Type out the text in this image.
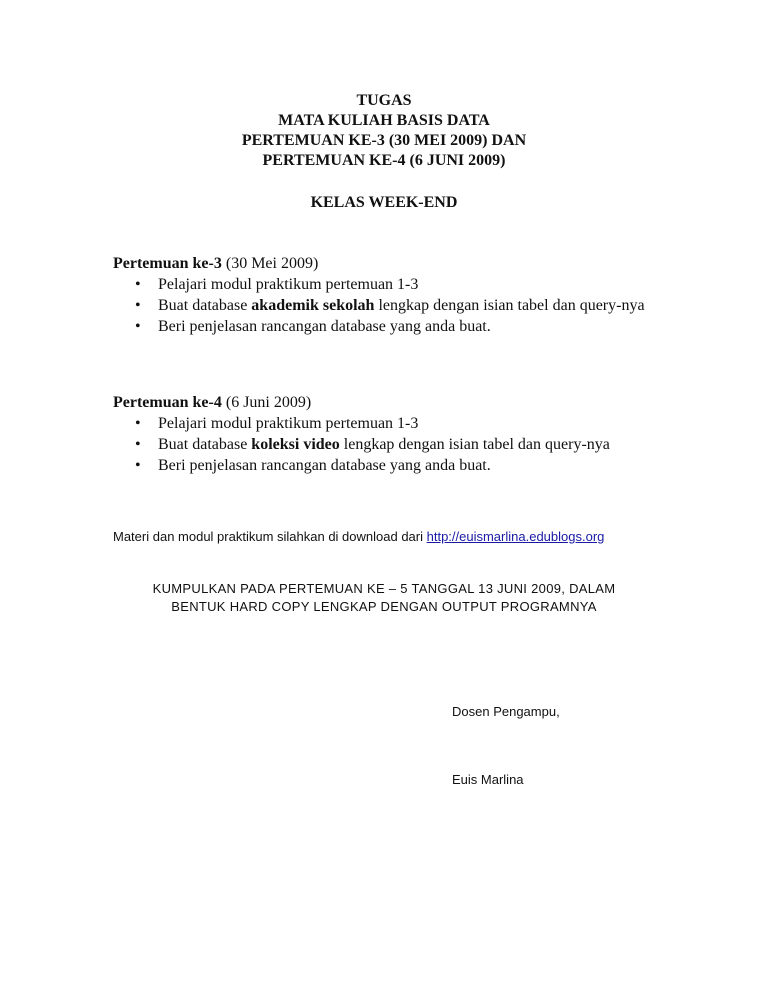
TUGAS
MATA KULIAH BASIS DATA
PERTEMUAN KE-3 (30 MEI 2009) DAN
PERTEMUAN KE-4 (6 JUNI 2009)
KELAS WEEK-END
Pertemuan ke-3 (30 Mei 2009)
• Pelajari modul praktikum pertemuan 1-3
• Buat database akademik sekolah lengkap dengan isian tabel dan query-nya
• Beri penjelasan rancangan database yang anda buat.
Pertemuan ke-4 (6 Juni 2009)
• Pelajari modul praktikum pertemuan 1-3
• Buat database koleksi video lengkap dengan isian tabel dan query-nya
• Beri penjelasan rancangan database yang anda buat.
Materi dan modul praktikum silahkan di download dari http://euismarlina.edublogs.org
KUMPULKAN PADA PERTEMUAN KE – 5 TANGGAL 13 JUNI 2009, DALAM
BENTUK HARD COPY LENGKAP DENGAN OUTPUT PROGRAMNYA
Dosen Pengampu,
Euis Marlina
